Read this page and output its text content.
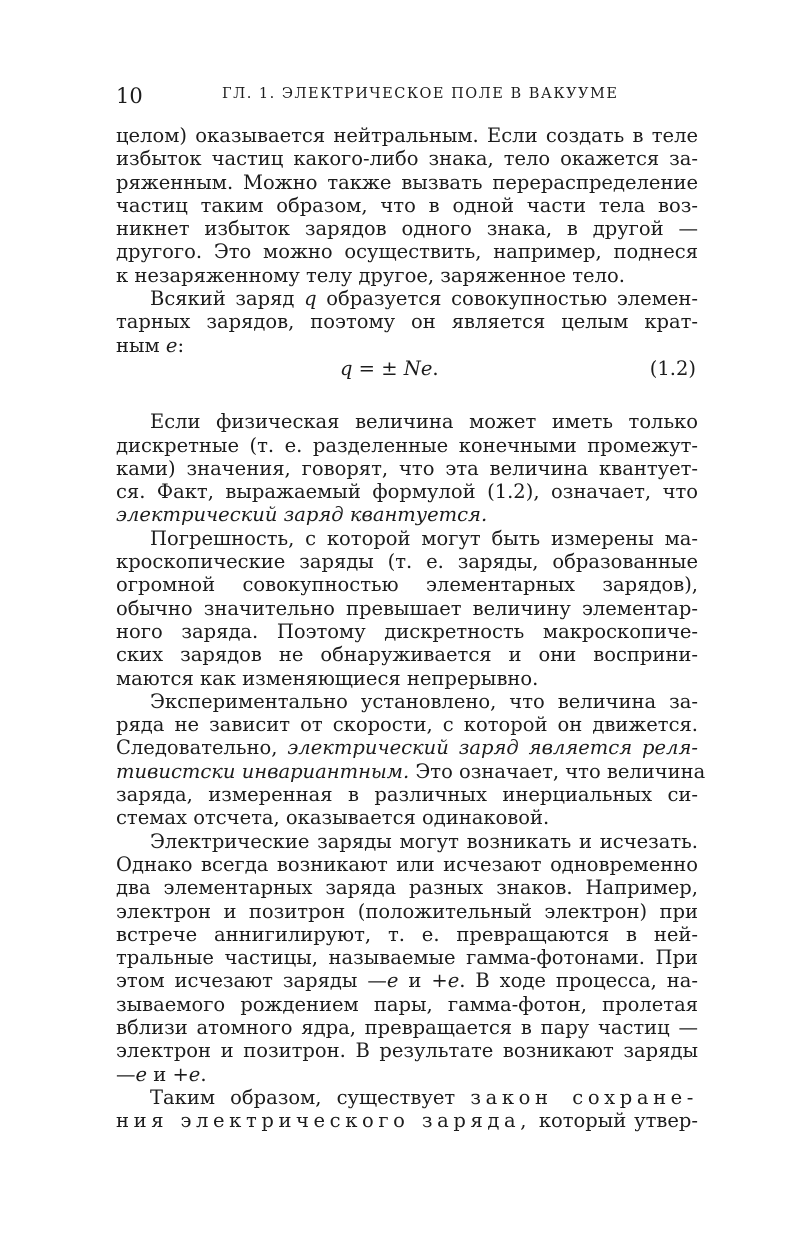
10	ГЛ. 1. ЭЛЕКТРИЧЕСКОЕ ПОЛЕ В ВАКУУМЕ
целом) оказывается нейтральным. Если создать в теле
избыток частиц какого-либо знака, тело окажется за-
ряженным. Можно также вызвать перераспределение
частиц таким образом, что в одной части тела воз-
никнет избыток зарядов одного знака, в другой —
другого. Это можно осуществить, например, поднеся
к незаряженному телу другое, заряженное тело.
Всякий заряд q образуется совокупностью элемен-
тарных зарядов, поэтому он является целым крат-
ным e:
q = ± Ne.	(1.2)
Если физическая величина может иметь только
дискретные (т. е. разделенные конечными промежут-
ками) значения, говорят, что эта величина квантует-
ся. Факт, выражаемый формулой (1.2), означает, что
электрический заряд квантуется.
Погрешность, с которой могут быть измерены ма-
кроскопические заряды (т. е. заряды, образованные
огромной совокупностью элементарных зарядов),
обычно значительно превышает величину элементар-
ного заряда. Поэтому дискретность макроскопиче-
ских зарядов не обнаруживается и они восприни-
маются как изменяющиеся непрерывно.
Экспериментально установлено, что величина за-
ряда не зависит от скорости, с которой он движется.
Следовательно, электрический заряд является реля-
тивистски инвариантным. Это означает, что величина
заряда, измеренная в различных инерциальных си-
стемах отсчета, оказывается одинаковой.
Электрические заряды могут возникать и исчезать.
Однако всегда возникают или исчезают одновременно
два элементарных заряда разных знаков. Например,
электрон и позитрон (положительный электрон) при
встрече аннигилируют, т. е. превращаются в ней-
тральные частицы, называемые гамма-фотонами. При
этом исчезают заряды —e и +e. В ходе процесса, на-
зываемого рождением пары, гамма-фотон, пролетая
вблизи атомного ядра, превращается в пару частиц —
электрон и позитрон. В результате возникают заряды
—e и +e.
Таким образом, существует закон сохране-
ния электрического заряда, который утвер-
